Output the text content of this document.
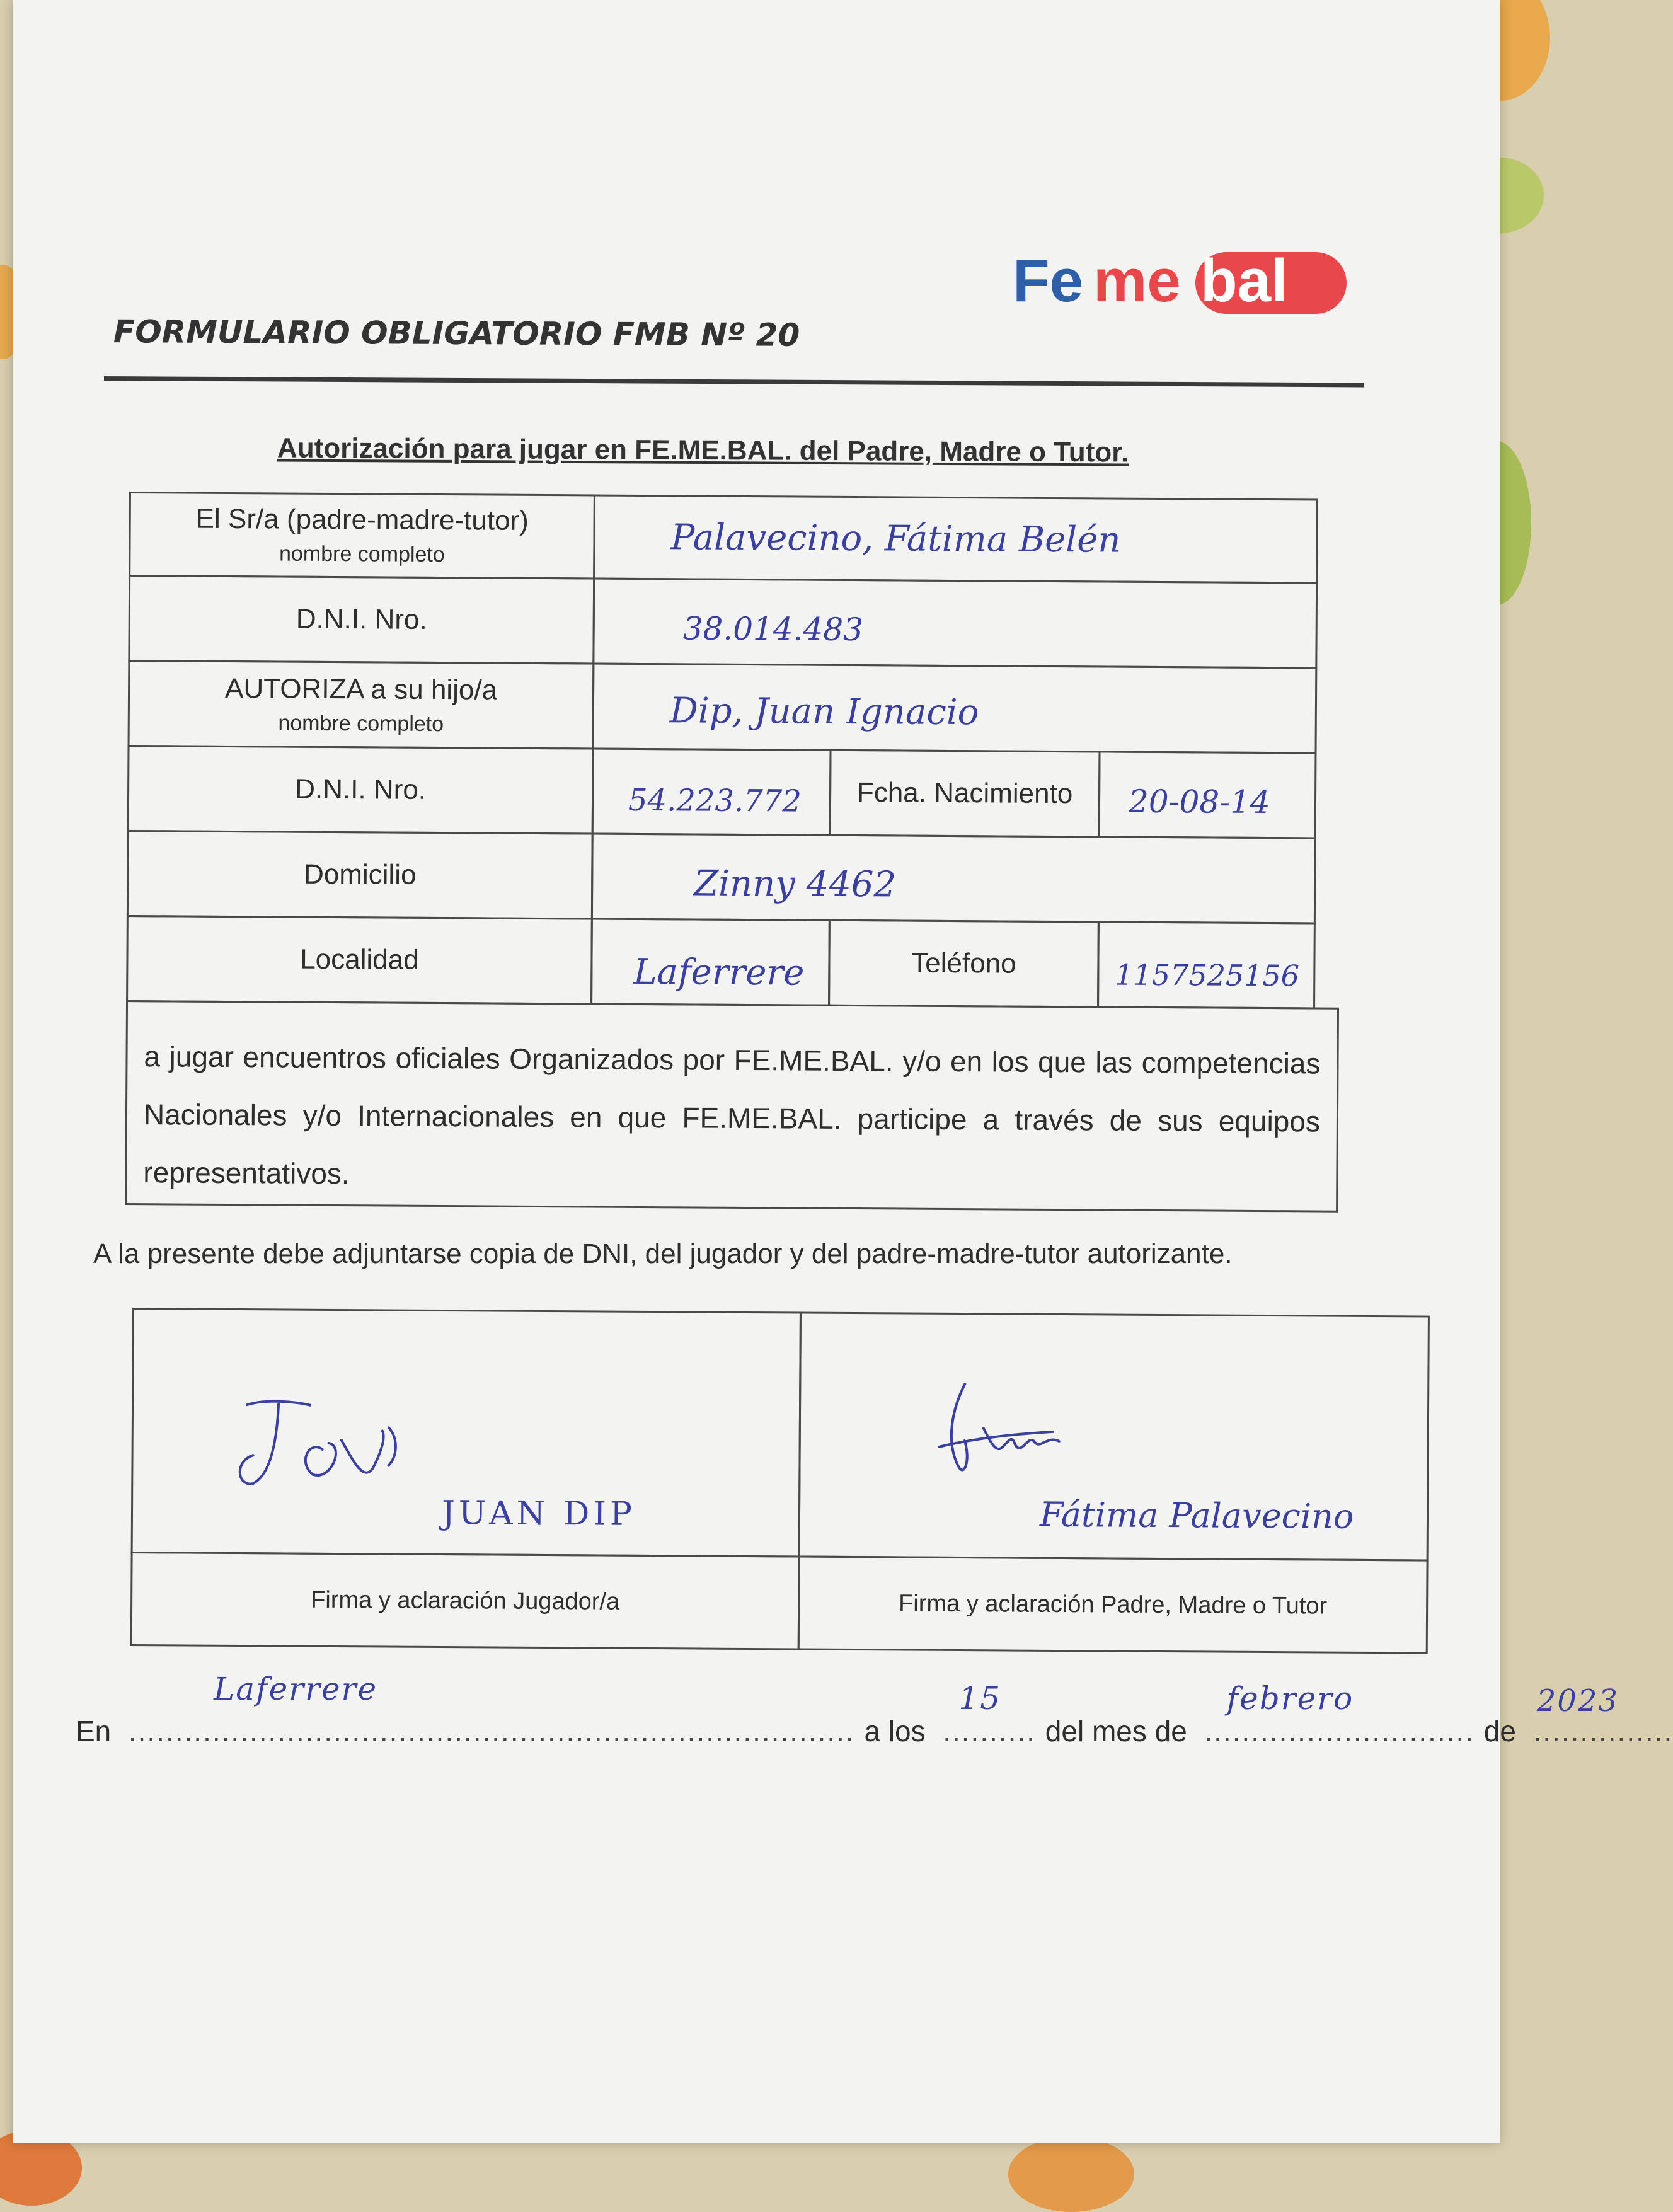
Fe me bal
FORMULARIO OBLIGATORIO FMB Nº 20
Autorización para jugar en FE.ME.BAL. del Padre, Madre o Tutor.
El Sr/a (padre-madre-tutor)
nombre completo	Palavecino, Fátima Belén
D.N.I. Nro.	38.014.483
AUTORIZA a su hijo/a
nombre completo	Dip, Juan Ignacio
D.N.I. Nro.	54.223.772 Fcha. Nacimiento 20-08-14
Domicilio	Zinny 4462
Localidad	Laferrere	Teléfono	1157525156
a jugar encuentros oficiales Organizados por FE.ME.BAL. y/o en los que las competencias Nacionales y/o Internacionales en que FE.ME.BAL. participe a través de sus equipos representativos.
A la presente debe adjuntarse copia de DNI, del jugador y del padre-madre-tutor autorizante.
JUAN DIP	Fátima Palavecino
Firma y aclaración Jugador/a	Firma y aclaración Padre, Madre o Tutor
En  ..............................................................................
Laferrere
a los  ..........
15
del mes de  .............................
febrero
de  ...............
2023
